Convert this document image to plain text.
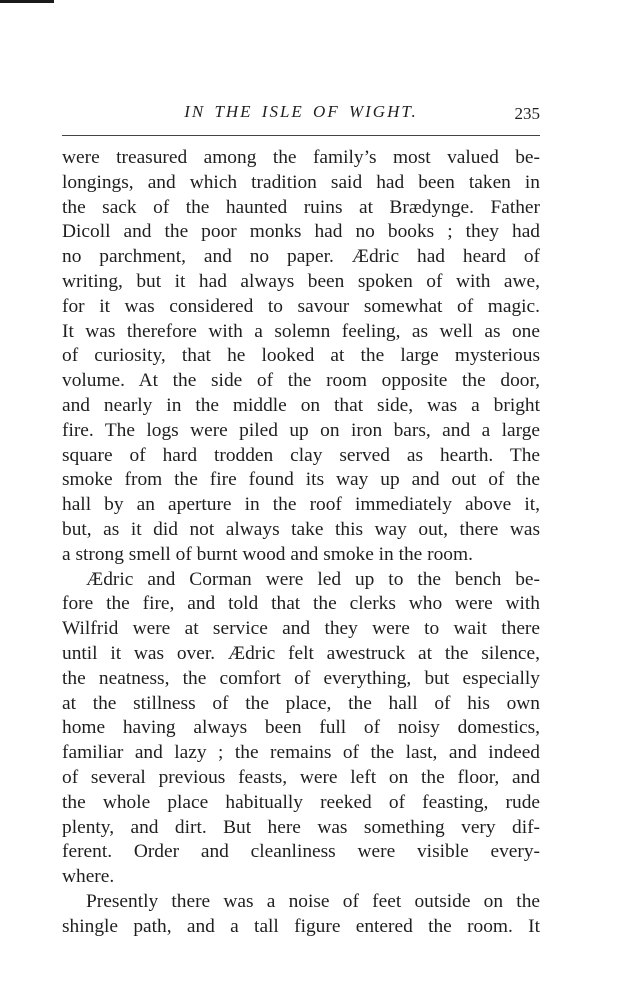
IN THE ISLE OF WIGHT.	235
were treasured among the family’s most valued be-
longings, and which tradition said had been taken in
the sack of the haunted ruins at Brædynge. Father
Dicoll and the poor monks had no books ; they had
no parchment, and no paper. Ædric had heard of
writing, but it had always been spoken of with awe,
for it was considered to savour somewhat of magic.
It was therefore with a solemn feeling, as well as one
of curiosity, that he looked at the large mysterious
volume. At the side of the room opposite the door,
and nearly in the middle on that side, was a bright
fire. The logs were piled up on iron bars, and a large
square of hard trodden clay served as hearth. The
smoke from the fire found its way up and out of the
hall by an aperture in the roof immediately above it,
but, as it did not always take this way out, there was
a strong smell of burnt wood and smoke in the room.
Ædric and Corman were led up to the bench be-
fore the fire, and told that the clerks who were with
Wilfrid were at service and they were to wait there
until it was over. Ædric felt awestruck at the silence,
the neatness, the comfort of everything, but especially
at the stillness of the place, the hall of his own
home having always been full of noisy domestics,
familiar and lazy ; the remains of the last, and indeed
of several previous feasts, were left on the floor, and
the whole place habitually reeked of feasting, rude
plenty, and dirt. But here was something very dif-
ferent. Order and cleanliness were visible every-
where.
Presently there was a noise of feet outside on the
shingle path, and a tall figure entered the room. It
